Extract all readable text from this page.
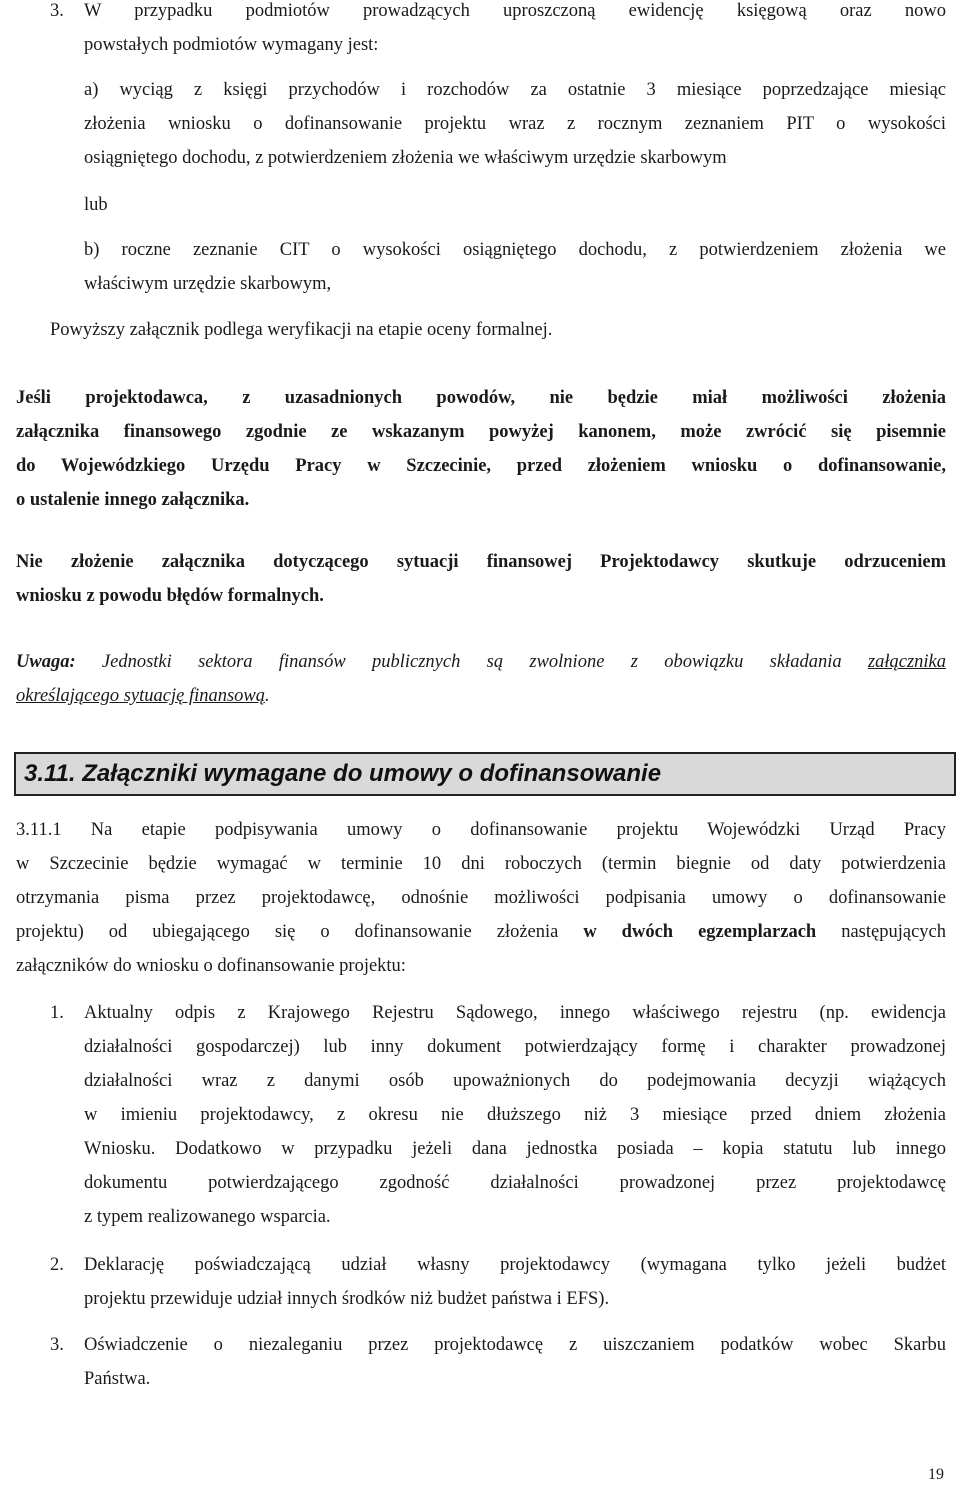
3. W przypadku podmiotów prowadzących uproszczoną ewidencję księgową oraz nowo
powstałych podmiotów wymagany jest:
a) wyciąg z księgi przychodów i rozchodów za ostatnie 3 miesiące poprzedzające miesiąc
złożenia wniosku o dofinansowanie projektu wraz z rocznym zeznaniem PIT o wysokości
osiągniętego dochodu, z potwierdzeniem złożenia we właściwym urzędzie skarbowym
lub
b) roczne zeznanie CIT o wysokości osiągniętego dochodu, z potwierdzeniem złożenia we
właściwym urzędzie skarbowym,
Powyższy załącznik podlega weryfikacji na etapie oceny formalnej.
Jeśli projektodawca, z uzasadnionych powodów, nie będzie miał możliwości złożenia
załącznika finansowego zgodnie ze wskazanym powyżej kanonem, może zwrócić się pisemnie
do Wojewódzkiego Urzędu Pracy w Szczecinie, przed złożeniem wniosku o dofinansowanie,
o ustalenie innego załącznika.
Nie złożenie załącznika dotyczącego sytuacji finansowej Projektodawcy skutkuje odrzuceniem
wniosku z powodu błędów formalnych.
Uwaga: Jednostki sektora finansów publicznych są zwolnione z obowiązku składania załącznika
określającego sytuację finansową.
3.11. Załączniki wymagane do umowy o dofinansowanie
3.11.1 Na etapie podpisywania umowy o dofinansowanie projektu Wojewódzki Urząd Pracy
w Szczecinie będzie wymagać w terminie 10 dni roboczych (termin biegnie od daty potwierdzenia
otrzymania pisma przez projektodawcę, odnośnie możliwości podpisania umowy o dofinansowanie
projektu) od ubiegającego się o dofinansowanie złożenia w dwóch egzemplarzach następujących
załączników do wniosku o dofinansowanie projektu:
1. Aktualny odpis z Krajowego Rejestru Sądowego, innego właściwego rejestru (np. ewidencja
działalności gospodarczej) lub inny dokument potwierdzający formę i charakter prowadzonej
działalności wraz z danymi osób upoważnionych do podejmowania decyzji wiążących
w imieniu projektodawcy, z okresu nie dłuższego niż 3 miesiące przed dniem złożenia
Wniosku. Dodatkowo w przypadku jeżeli dana jednostka posiada – kopia statutu lub innego
dokumentu potwierdzającego zgodność działalności prowadzonej przez projektodawcę
z typem realizowanego wsparcia.
2. Deklarację poświadczającą udział własny projektodawcy (wymagana tylko jeżeli budżet
projektu przewiduje udział innych środków niż budżet państwa i EFS).
3. Oświadczenie o niezaleganiu przez projektodawcę z uiszczaniem podatków wobec Skarbu
Państwa.
19
